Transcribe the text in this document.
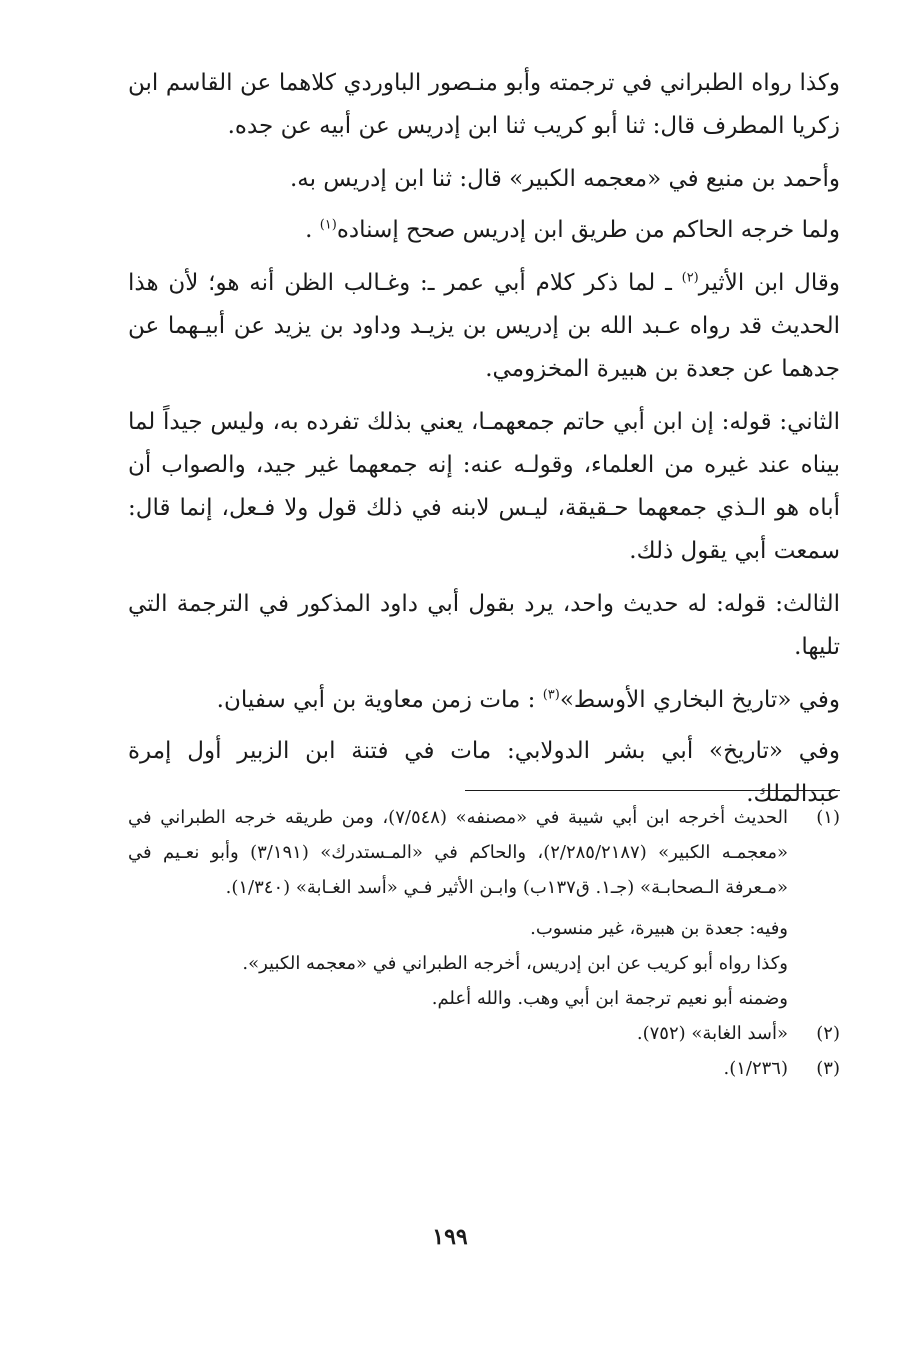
وكذا رواه الطبراني في ترجمته وأبو منـصور الباوردي كلاهما عن القاسم ابن زكريا المطرف قال: ثنا أبو كريب ثنا ابن إدريس عن أبيه عن جده.

وأحمد بن منيع في «معجمه الكبير» قال: ثنا ابن إدريس به.

ولما خرجه الحاكم من طريق ابن إدريس صحح إسناده$^{(١)}$ .

وقال ابن الأثير$^{(٢)}$ ـ لما ذكر كلام أبي عمر ـ: وغـالب الظن أنه هو؛ لأن هذا الحديث قد رواه عـبد الله بن إدريس بن يزيـد وداود بن يزيد عن أبيـهما عن جدهما عن جعدة بن هبيرة المخزومي.

الثاني: قوله: إن ابن أبي حاتم جمعهمـا، يعني بذلك تفرده به، وليس جيداً لما بيناه عند غيره من العلماء، وقولـه عنه: إنه جمعهما غير جيد، والصواب أن أباه هو الـذي جمعهما حـقيقة، ليـس لابنه في ذلك قول ولا فـعل، إنما قال: سمعت أبي يقول ذلك.

الثالث: قوله: له حديث واحد، يرد بقول أبي داود المذكور في الترجمة التي تليها.

وفي «تاريخ البخاري الأوسط»$^{(٣)}$ : مات زمن معاوية بن أبي سفيان.

وفي «تاريخ» أبي بشر الدولابي: مات في فتنة ابن الزبير أول إمرة عبدالملك.

(١)
الحديث أخرجه ابن أبي شيبة في «مصنفه» (٧/٥٤٨)، ومن طريقه خرجه الطبراني في «معجمـه الكبير» (٢/٢٨٥/٢١٨٧)، والحاكم في «المـستدرك» (٣/١٩١) وأبو نعـيم في «مـعرفة الـصحابـة» (جـ١. ق١٣٧ب) وابـن الأثير فـي «أسد الغـابة» (١/٣٤٠).
وفيه: جعدة بن هبيرة، غير منسوب.
وكذا رواه أبو كريب عن ابن إدريس، أخرجه الطبراني في «معجمه الكبير».
وضمنه أبو نعيم ترجمة ابن أبي وهب. والله أعلم.
(٢)
«أسد الغابة» (٧٥٢).
(٣)
(١/٢٣٦).
١٩٩
